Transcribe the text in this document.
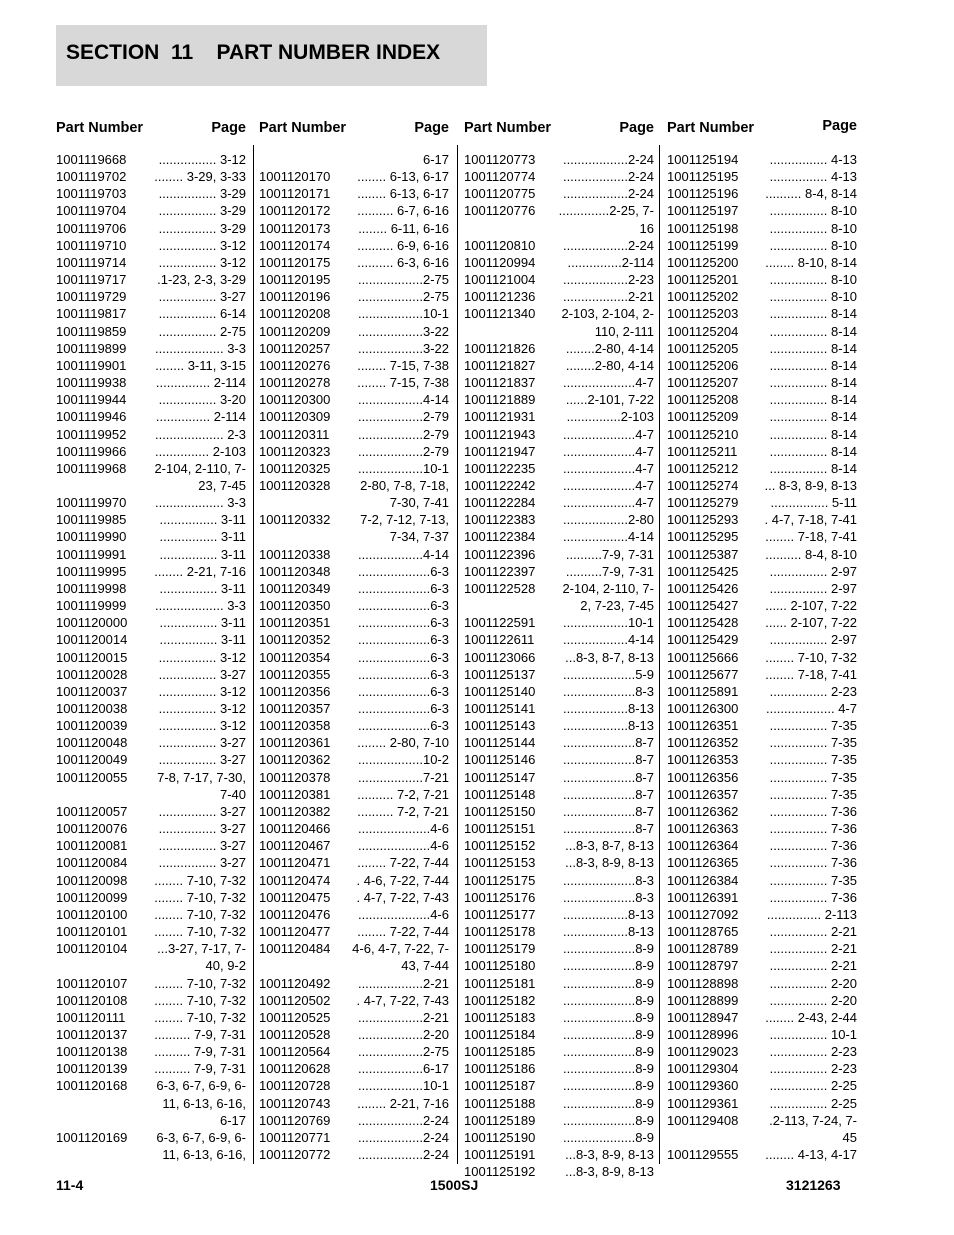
SECTION  11    PART NUMBER INDEX
Part Number	Page
1001119668	................ 3-12
1001119702	........ 3-29, 3-33
1001119703	................ 3-29
1001119704	................ 3-29
1001119706	................ 3-29
1001119710	................ 3-12
1001119714	................ 3-12
1001119717	.1-23, 2-3, 3-29
1001119729	................ 3-27
1001119817	................ 6-14
1001119859	................ 2-75
1001119899	................... 3-3
1001119901	........ 3-11, 3-15
1001119938	............... 2-114
1001119944	................ 3-20
1001119946	............... 2-114
1001119952	................... 2-3
1001119966	............... 2-103
1001119968	2-104, 2-110, 7-
23, 7-45
1001119970	................... 3-3
1001119985	................ 3-11
1001119990	................ 3-11
1001119991	................ 3-11
1001119995	........ 2-21, 7-16
1001119998	................ 3-11
1001119999	................... 3-3
1001120000	................ 3-11
1001120014	................ 3-11
1001120015	................ 3-12
1001120028	................ 3-27
1001120037	................ 3-12
1001120038	................ 3-12
1001120039	................ 3-12
1001120048	................ 3-27
1001120049	................ 3-27
1001120055	7-8, 7-17, 7-30,
7-40
1001120057	................ 3-27
1001120076	................ 3-27
1001120081	................ 3-27
1001120084	................ 3-27
1001120098	........ 7-10, 7-32
1001120099	........ 7-10, 7-32
1001120100	........ 7-10, 7-32
1001120101	........ 7-10, 7-32
1001120104	...3-27, 7-17, 7-
40, 9-2
1001120107	........ 7-10, 7-32
1001120108	........ 7-10, 7-32
1001120111	........ 7-10, 7-32
1001120137	.......... 7-9, 7-31
1001120138	.......... 7-9, 7-31
1001120139	.......... 7-9, 7-31
1001120168	6-3, 6-7, 6-9, 6-
11, 6-13, 6-16,
6-17
1001120169	6-3, 6-7, 6-9, 6-
11, 6-13, 6-16,
Part Number	Page
6-17
1001120170	........ 6-13, 6-17
1001120171	........ 6-13, 6-17
1001120172	.......... 6-7, 6-16
1001120173	........ 6-11, 6-16
1001120174	.......... 6-9, 6-16
1001120175	.......... 6-3, 6-16
1001120195	..................2-75
1001120196	..................2-75
1001120208	..................10-1
1001120209	..................3-22
1001120257	..................3-22
1001120276	........ 7-15, 7-38
1001120278	........ 7-15, 7-38
1001120300	..................4-14
1001120309	..................2-79
1001120311	..................2-79
1001120323	..................2-79
1001120325	..................10-1
1001120328	2-80, 7-8, 7-18,
7-30, 7-41
1001120332	7-2, 7-12, 7-13,
7-34, 7-37
1001120338	..................4-14
1001120348	....................6-3
1001120349	....................6-3
1001120350	....................6-3
1001120351	....................6-3
1001120352	....................6-3
1001120354	....................6-3
1001120355	....................6-3
1001120356	....................6-3
1001120357	....................6-3
1001120358	....................6-3
1001120361	........ 2-80, 7-10
1001120362	..................10-2
1001120378	..................7-21
1001120381	.......... 7-2, 7-21
1001120382	.......... 7-2, 7-21
1001120466	....................4-6
1001120467	....................4-6
1001120471	........ 7-22, 7-44
1001120474	. 4-6, 7-22, 7-44
1001120475	. 4-7, 7-22, 7-43
1001120476	....................4-6
1001120477	........ 7-22, 7-44
1001120484	4-6, 4-7, 7-22, 7-
43, 7-44
1001120492	..................2-21
1001120502	. 4-7, 7-22, 7-43
1001120525	..................2-21
1001120528	..................2-20
1001120564	..................2-75
1001120628	..................6-17
1001120728	..................10-1
1001120743	........ 2-21, 7-16
1001120769	..................2-24
1001120771	..................2-24
1001120772	..................2-24
Part Number	Page
1001120773	..................2-24
1001120774	..................2-24
1001120775	..................2-24
1001120776	..............2-25, 7-16
1001120810	..................2-24
1001120994	...............2-114
1001121004	..................2-23
1001121236	..................2-21
1001121340	2-103, 2-104, 2-
110, 2-111
1001121826	........2-80, 4-14
1001121827	........2-80, 4-14
1001121837	....................4-7
1001121889	......2-101, 7-22
1001121931	...............2-103
1001121943	....................4-7
1001121947	....................4-7
1001122235	....................4-7
1001122242	....................4-7
1001122284	....................4-7
1001122383	..................2-80
1001122384	..................4-14
1001122396	..........7-9, 7-31
1001122397	..........7-9, 7-31
1001122528	2-104, 2-110, 7-
2, 7-23, 7-45
1001122591	..................10-1
1001122611	..................4-14
1001123066	...8-3, 8-7, 8-13
1001125137	....................5-9
1001125140	....................8-3
1001125141	..................8-13
1001125143	..................8-13
1001125144	....................8-7
1001125146	....................8-7
1001125147	....................8-7
1001125148	....................8-7
1001125150	....................8-7
1001125151	....................8-7
1001125152	...8-3, 8-7, 8-13
1001125153	...8-3, 8-9, 8-13
1001125175	....................8-3
1001125176	....................8-3
1001125177	..................8-13
1001125178	..................8-13
1001125179	....................8-9
1001125180	....................8-9
1001125181	....................8-9
1001125182	....................8-9
1001125183	....................8-9
1001125184	....................8-9
1001125185	....................8-9
1001125186	....................8-9
1001125187	....................8-9
1001125188	....................8-9
1001125189	....................8-9
1001125190	....................8-9
1001125191	...8-3, 8-9, 8-13
1001125192	...8-3, 8-9, 8-13
Part Number	Page
1001125194	................ 4-13
1001125195	................ 4-13
1001125196	.......... 8-4, 8-14
1001125197	................ 8-10
1001125198	................ 8-10
1001125199	................ 8-10
1001125200	........ 8-10, 8-14
1001125201	................ 8-10
1001125202	................ 8-10
1001125203	................ 8-14
1001125204	................ 8-14
1001125205	................ 8-14
1001125206	................ 8-14
1001125207	................ 8-14
1001125208	................ 8-14
1001125209	................ 8-14
1001125210	................ 8-14
1001125211	................ 8-14
1001125212	................ 8-14
1001125274	... 8-3, 8-9, 8-13
1001125279	................ 5-11
1001125293	. 4-7, 7-18, 7-41
1001125295	........ 7-18, 7-41
1001125387	.......... 8-4, 8-10
1001125425	................ 2-97
1001125426	................ 2-97
1001125427	...... 2-107, 7-22
1001125428	...... 2-107, 7-22
1001125429	................ 2-97
1001125666	........ 7-10, 7-32
1001125677	........ 7-18, 7-41
1001125891	................ 2-23
1001126300	................... 4-7
1001126351	................ 7-35
1001126352	................ 7-35
1001126353	................ 7-35
1001126356	................ 7-35
1001126357	................ 7-35
1001126362	................ 7-36
1001126363	................ 7-36
1001126364	................ 7-36
1001126365	................ 7-36
1001126384	................ 7-35
1001126391	................ 7-36
1001127092	............... 2-113
1001128765	................ 2-21
1001128789	................ 2-21
1001128797	................ 2-21
1001128898	................ 2-20
1001128899	................ 2-20
1001128947	........ 2-43, 2-44
1001128996	................ 10-1
1001129023	................ 2-23
1001129304	................ 2-23
1001129360	................ 2-25
1001129361	................ 2-25
1001129408	.2-113, 7-24, 7-
45
1001129555	........ 4-13, 4-17
11-4	1500SJ	3121263
